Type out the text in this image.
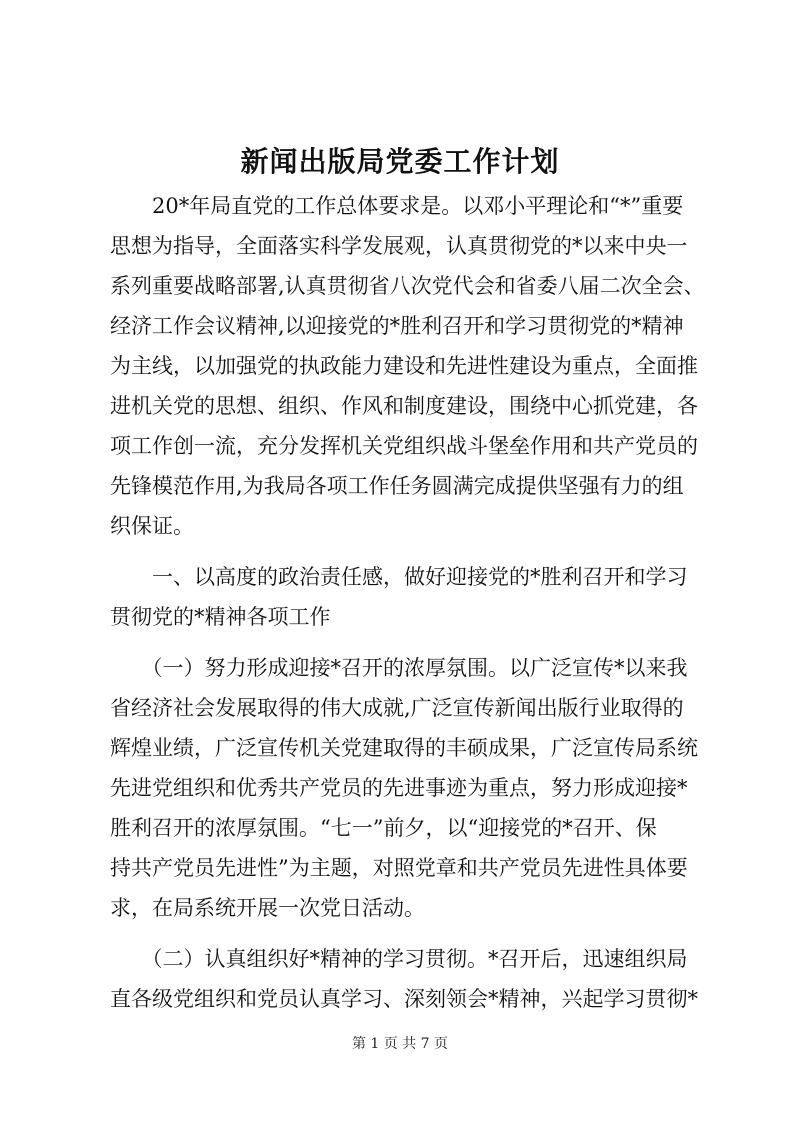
新闻出版局党委工作计划
　　20*年局直党的工作总体要求是。以邓小平理论和“*”重要
思想为指导，全面落实科学发展观，认真贯彻党的*以来中央一
系列重要战略部署,认真贯彻省八次党代会和省委八届二次全会、
经济工作会议精神,以迎接党的*胜利召开和学习贯彻党的*精神
为主线，以加强党的执政能力建设和先进性建设为重点，全面推
进机关党的思想、组织、作风和制度建设，围绕中心抓党建，各
项工作创一流，充分发挥机关党组织战斗堡垒作用和共产党员的
先锋模范作用,为我局各项工作任务圆满完成提供坚强有力的组
织保证。
　　一、以高度的政治责任感，做好迎接党的*胜利召开和学习
贯彻党的*精神各项工作
　　（一）努力形成迎接*召开的浓厚氛围。以广泛宣传*以来我
省经济社会发展取得的伟大成就,广泛宣传新闻出版行业取得的
辉煌业绩，广泛宣传机关党建取得的丰硕成果，广泛宣传局系统
先进党组织和优秀共产党员的先进事迹为重点，努力形成迎接*
胜利召开的浓厚氛围。“七一”前夕，以“迎接党的*召开、保
持共产党员先进性”为主题，对照党章和共产党员先进性具体要
求，在局系统开展一次党日活动。
　　（二）认真组织好*精神的学习贯彻。*召开后，迅速组织局
直各级党组织和党员认真学习、深刻领会*精神，兴起学习贯彻*
第 1 页 共 7 页
